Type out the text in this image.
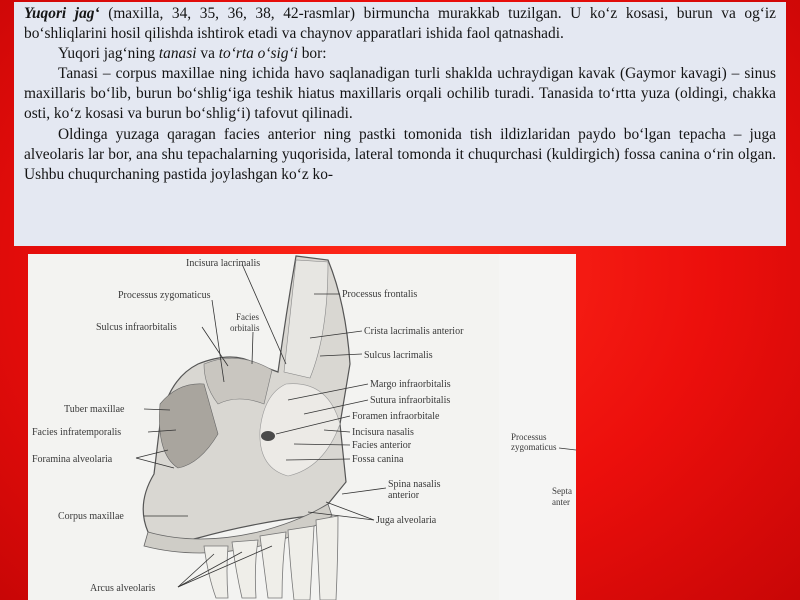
Yuqori jag‘ (maxilla, 34, 35, 36, 38, 42-rasmlar) birmuncha murakkab tuzilgan. U ko‘z kosasi, burun va og‘iz bo‘shliqlarini hosil qilishda ishtirok etadi va chaynov apparatlari ishida faol qatnashadi.

Yuqori jag‘ning tanasi va to‘rta o‘sig‘i bor:

Tanasi – corpus maxillae ning ichida havo saqlanadigan turli shaklda uchraydigan kavak (Gaymor kavagi) – sinus maxillaris bo‘lib, burun bo‘shlig‘iga teshik hiatus maxillaris orqali ochilib turadi. Tanasida to‘rtta yuza (oldingi, chakka osti, ko‘z kosasi va burun bo‘shlig‘i) tafovut qilinadi.

Oldinga yuzaga qaragan facies anterior ning pastki tomonida tish ildizlaridan paydo bo‘lgan tepacha – juga alveolaris lar bor, ana shu tepachalarning yuqorisida, lateral tomonda it chuqurchasi (kuldirgich) fossa canina o‘rin olgan. Ushbu chuqurchaning pastida joylashgan ko‘z ko-

Incisura lacrimalis
Processus zygomaticus	Processus frontalis
Facies
orbitalis
Sulcus infraorbitalis	Crista lacrimalis anterior
Sulcus lacrimalis
Margo infraorbitalis
Sutura infraorbitalis
Tuber maxillae
Foramen infraorbitale
Facies infratemporalis	Incisura nasalis
Facies anterior
Foramina alveolaria	Fossa canina
Spina nasalis
anterior
Corpus maxillae	Juga alveolaria
Arcus alveolaris
Processus
zygomaticus
Septa
anter
